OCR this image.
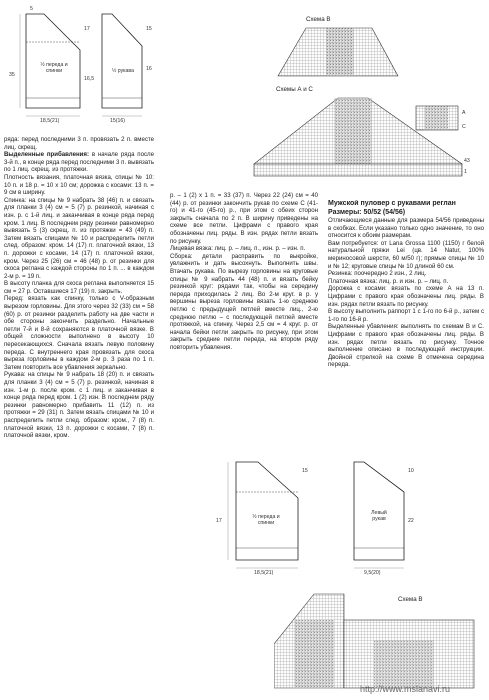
½ переда и спинки	½ рукава
35
17
5
16
16,5
15
18,5(21)	15(16)
Схема В
Схемы А и С
A
C
1
43

ряда: перед последними 3 п. провязать 2 п. вместе лиц. скрещ.

Выделенные прибавления: в начале ряда после 3-й п., в конце ряда перед последними 3 п. вывязать по 1 лиц. скрещ. из протяжки.

Плотность вязания, платочная вязка, спицы № 10: 10 п. и 18 р. = 10 x 10 см; дорожка с косами: 13 п. = 9 см в ширину.

Спинка: на спицы № 9 набрать 38 (46) п. и связать для планки 3 (4) см = 5 (7) р. резинкой, начиная с изн. р. с 1-й лиц. и заканчивая в конце ряда перед кром. 1 лиц. В последнем ряду резинки равномерно вывязать 5 (3) скрещ. п. из протяжки = 43 (49) п. Затем вязать спицами № 10 и распределить петли след. образом: кром. 14 (17) п. платочной вязки, 13 п. дорожки с косами, 14 (17) п. платочной вязки, кром. Через 25 (26) см = 46 (48) р. от резинки для скоса реглана с каждой стороны по 1 п. ... в каждом 2-м р. = 19 п.

В высоту планка для скоса реглана выполняется 15 см = 27 р. Оставшиеся 17 (19) п. закрыть.

Перед: вязать как спинку, только с V-образным вырезом горловины. Для этого через 32 (33) см = 58 (60) р. от резинки разделить работу на две части и обе стороны закончить раздельно. Начальные петли 7-й и 8-й сохраняются в платочной вязке. В общей сложности выполнено в высоту 10 пересекающихся. Сначала вязать левую половину переда. С внутреннего края провязать для скоса выреза горловины в каждом 2-м р. 3 раза по 1 п. Затем повторить все убавления зеркально.

Рукава: на спицы № 9 набрать 18 (20) п. и связать для планки 3 (4) см = 5 (7) р. резинкой, начиная в изн. 1-м р. после кром. с 1 лиц. и заканчивая в конце ряда перед кром. 1 (2) изн. В последнем ряду резинки равномерно прибавить 11 (12) п. из протяжки = 29 (31) п. Затем вязать спицами № 10 и распределить петли след. образом: кром., 7 (8) п. платочной вязки, 13 п. дорожки с косами, 7 (8) п. платочной вязки, кром.

р. – 1 (2) х 1 п. = 33 (37) п. Через 22 (24) см = 40 (44) р. от резинки закончить рукав по схеме С (41-го) и 41-го (45-го) р., при этом с обеих сторон закрыть сначала по 2 п. В ширину приведены на схеме все петли. Цифрами с правого края обозначены лиц. ряды. В изн. рядах петли вязать по рисунку.

Лицевая вязка: лиц. р. – лиц. п., изн. р. – изн. п.

Сборка: детали расправить по выкройке, увлажнить и дать высохнуть. Выполнить швы. Втачать рукава. По вырезу горловины на круговые спицы № 9 набрать 44 (48) п. и вязать бейку резинкой круг: рядами так, чтобы на середину переда приходилась 2 лиц. Во 2-м круг. в р. у вершины выреза горловины вязать 1-ю среднюю петлю с предыдущей петлей вместе лиц., 2-ю среднюю петлю – с последующей петлей вместе протяжкой, на спинку. Через 2,5 см = 4 круг. р. от начала бейки петли закрыть по рисунку, при этом закрыть средние петли переда, на втором ряду повторить убавления.

Мужской пуловер с рукавами реглан

Размеры: 50/52 (54/56)

Отличающиеся данные для размера 54/56 приведены в скобках. Если указано только одно значение, то оно относится к обоим размерам.

Вам потребуется: от Lana Grossa 1100 (1150) г белой натуральной пряжи Lei (цв. 14 Natur, 100% мериносовой шерсти, 60 м/50 г); прямые спицы № 10 и № 12; круговые спицы № 10 длиной 60 см.

Резинка: поочередно 2 изн., 2 лиц.

Платочная вязка: лиц. р. и изн. р. – лиц. п.

Дорожка с косами: вязать по схеме А на 13 п. Цифрами с правого края обозначены лиц. ряды. В изн. рядах петли вязать по рисунку.

В высоту выполнить раппорт 1 с 1-го по 6-й р., затем с 1-го по 16-й р.

Выделенные убавления: выполнять по схемам В и С. Цифрами с правого края обозначены лиц. ряды. В изн. рядах петли вязать по рисунку. Точное выполнение описано в последующей инструкции. Двойной стрелкой на схеме В отмечена середина переда.

½ переда и спинки
Левый рукав
18,5(21)	9,5(20)
15
17
10
22
Схема В
http://www.mslanavi.ru
